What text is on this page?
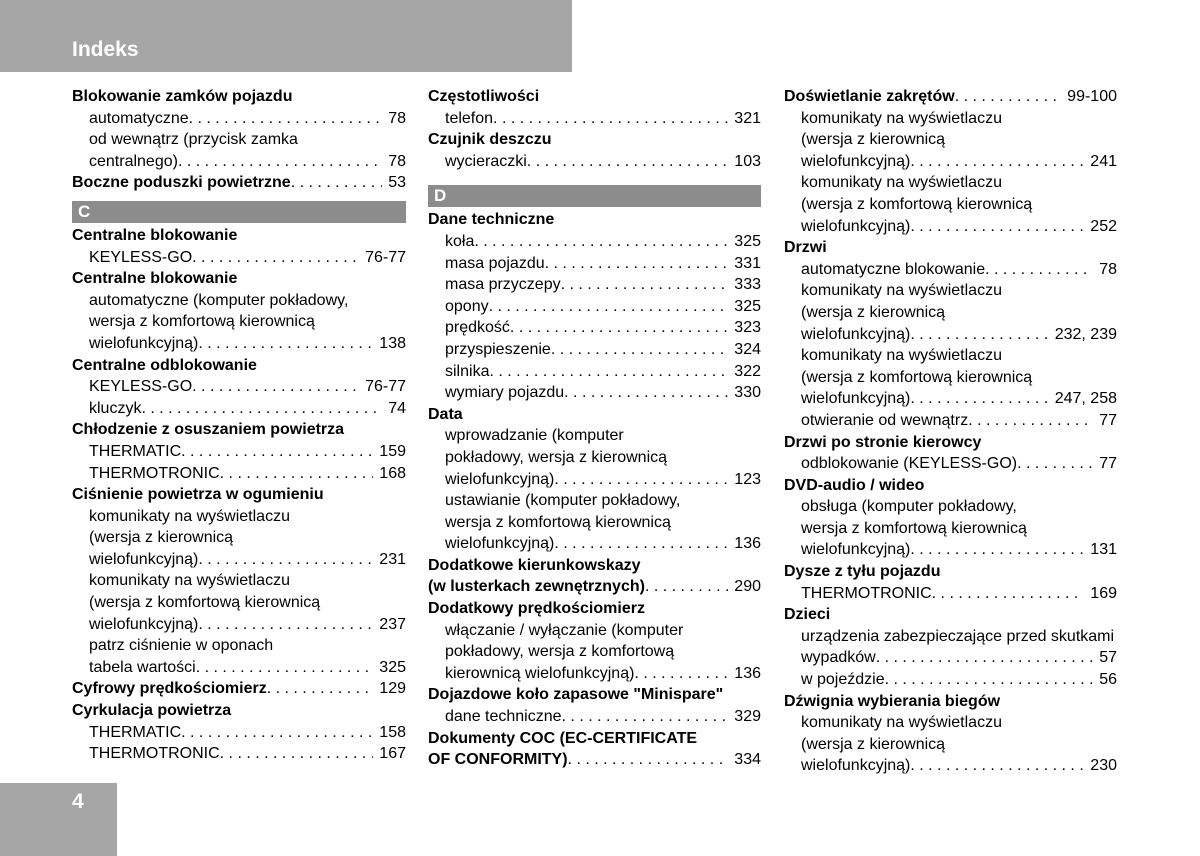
Indeks
Blokowanie zamków pojazdu
automatyczne . . .	78
od wewnątrz (przycisk zamka
centralnego) . . .	78
Boczne poduszki powietrzne . . .	53
C
Centralne blokowanie
KEYLESS-GO . . .	76-77
Centralne blokowanie
automatyczne (komputer pokładowy,
wersja z komfortową kierownicą
wielofunkcyjną) . . .	138
Centralne odblokowanie
KEYLESS-GO . . .	76-77
kluczyk . . .	74
Chłodzenie z osuszaniem powietrza
THERMATIC . . .	159
THERMOTRONIC . . .	168
Ciśnienie powietrza w ogumieniu
komunikaty na wyświetlaczu
(wersja z kierownicą
wielofunkcyjną) . . .	231
komunikaty na wyświetlaczu
(wersja z komfortową kierownicą
wielofunkcyjną) . . .	237
patrz ciśnienie w oponach
tabela wartości . . .	325
Cyfrowy prędkościomierz . . .	129
Cyrkulacja powietrza
THERMATIC . . .	158
THERMOTRONIC . . .	167
Częstotliwości
telefon . . .	321
Czujnik deszczu
wycieraczki . . .	103
D
Dane techniczne
koła . . .	325
masa pojazdu . . .	331
masa przyczepy . . .	333
opony . . .	325
prędkość . . .	323
przyspieszenie . . .	324
silnika . . .	322
wymiary pojazdu . . .	330
Data
wprowadzanie (komputer
pokładowy, wersja z kierownicą
wielofunkcyjną) . . .	123
ustawianie (komputer pokładowy,
wersja z komfortową kierownicą
wielofunkcyjną) . . .	136
Dodatkowe kierunkowskazy
(w lusterkach zewnętrznych) . . .	290
Dodatkowy prędkościomierz
włączanie / wyłączanie (komputer
pokładowy, wersja z komfortową
kierownicą wielofunkcyjną) . . .	136
Dojazdowe koło zapasowe "Minispare"
dane techniczne . . .	329
Dokumenty COC (EC-CERTIFICATE
OF CONFORMITY) . . .	334
Doświetlanie zakrętów . . .	99-100
komunikaty na wyświetlaczu
(wersja z kierownicą
wielofunkcyjną) . . .	241
komunikaty na wyświetlaczu
(wersja z komfortową kierownicą
wielofunkcyjną) . . .	252
Drzwi
automatyczne blokowanie . . .	78
komunikaty na wyświetlaczu
(wersja z kierownicą
wielofunkcyjną) . . .	232, 239
komunikaty na wyświetlaczu
(wersja z komfortową kierownicą
wielofunkcyjną) . . .	247, 258
otwieranie od wewnątrz . . .	77
Drzwi po stronie kierowcy
odblokowanie (KEYLESS-GO) . . .	77
DVD-audio / wideo
obsługa (komputer pokładowy,
wersja z komfortową kierownicą
wielofunkcyjną) . . .	131
Dysze z tyłu pojazdu
THERMOTRONIC . . .	169
Dzieci
urządzenia zabezpieczające przed skutkami
wypadków . . .	57
w pojeździe . . .	56
Dźwignia wybierania biegów
komunikaty na wyświetlaczu
(wersja z kierownicą
wielofunkcyjną) . . .	230
4
